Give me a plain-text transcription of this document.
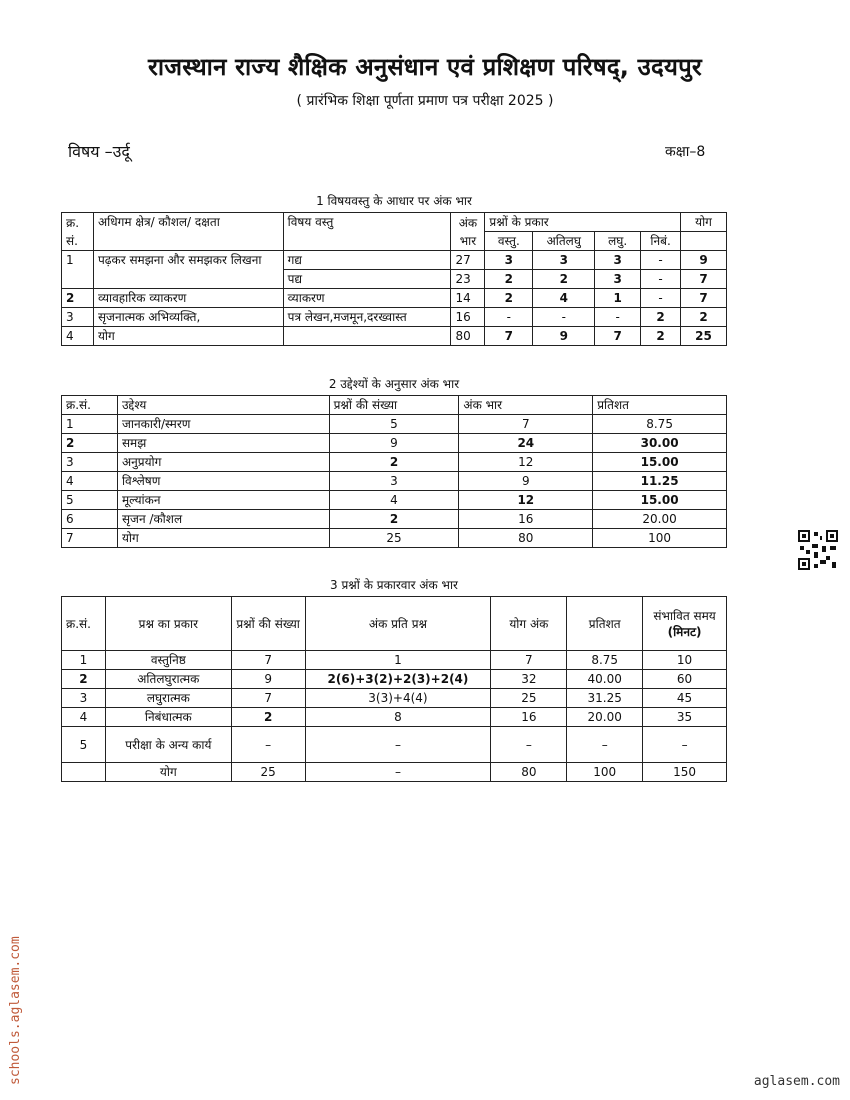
राजस्थान राज्य शैक्षिक अनुसंधान एवं प्रशिक्षण परिषद्, उदयपुर
( प्रारंभिक शिक्षा पूर्णता प्रमाण पत्र परीक्षा 2025 )
विषय –उर्दू	कक्षा–8
1 विषयवस्तु के आधार पर अंक भार
क्र. सं.	अधिगम क्षेत्र/ कौशल/ दक्षता	विषय वस्तु	अंक भार	प्रश्नों के प्रकार				योग
				वस्तु.	अतिलघु	लघु.	निबं.	
1	पढ़कर समझना और समझकर लिखना	गद्य	27	3	3	3	-	9
		पद्य	23	2	2	3	-	7
2	व्यावहारिक व्याकरण	व्याकरण	14	2	4	1	-	7
3	सृजनात्मक अभिव्यक्ति,	पत्र लेखन,मजमून,दरख्वास्त	16	-	-	-	2	2
4	योग		80	7	9	7	2	25
2 उद्देश्यों के अनुसार अंक भार
क्र.सं.	उद्देश्य	प्रश्नों की संख्या	अंक भार	प्रतिशत
1	जानकारी/स्मरण	5	7	8.75
2	समझ	9	24	30.00
3	अनुप्रयोग	2	12	15.00
4	विश्लेषण	3	9	11.25
5	मूल्यांकन	4	12	15.00
6	सृजन /कौशल	2	16	20.00
7	योग	25	80	100
3 प्रश्नों के प्रकारवार अंक भार
क्र.सं.	प्रश्न का प्रकार	प्रश्नों की संख्या	अंक प्रति प्रश्न	योग अंक	प्रतिशत	संभावित समय
(मिनट)

1	वस्तुनिष्ठ	7	1	7	8.75	10
2	अतिलघुरात्मक	9	2(6)+3(2)+2(3)+2(4)	32	40.00	60
3	लघुरात्मक	7	3(3)+4(4)	25	31.25	45
4	निबंधात्मक	2	8	16	20.00	35
5	परीक्षा के अन्य कार्य	–	–	–	–	–
	योग	25	–	80	100	150
schools.aglasem.com	aglasem.com
